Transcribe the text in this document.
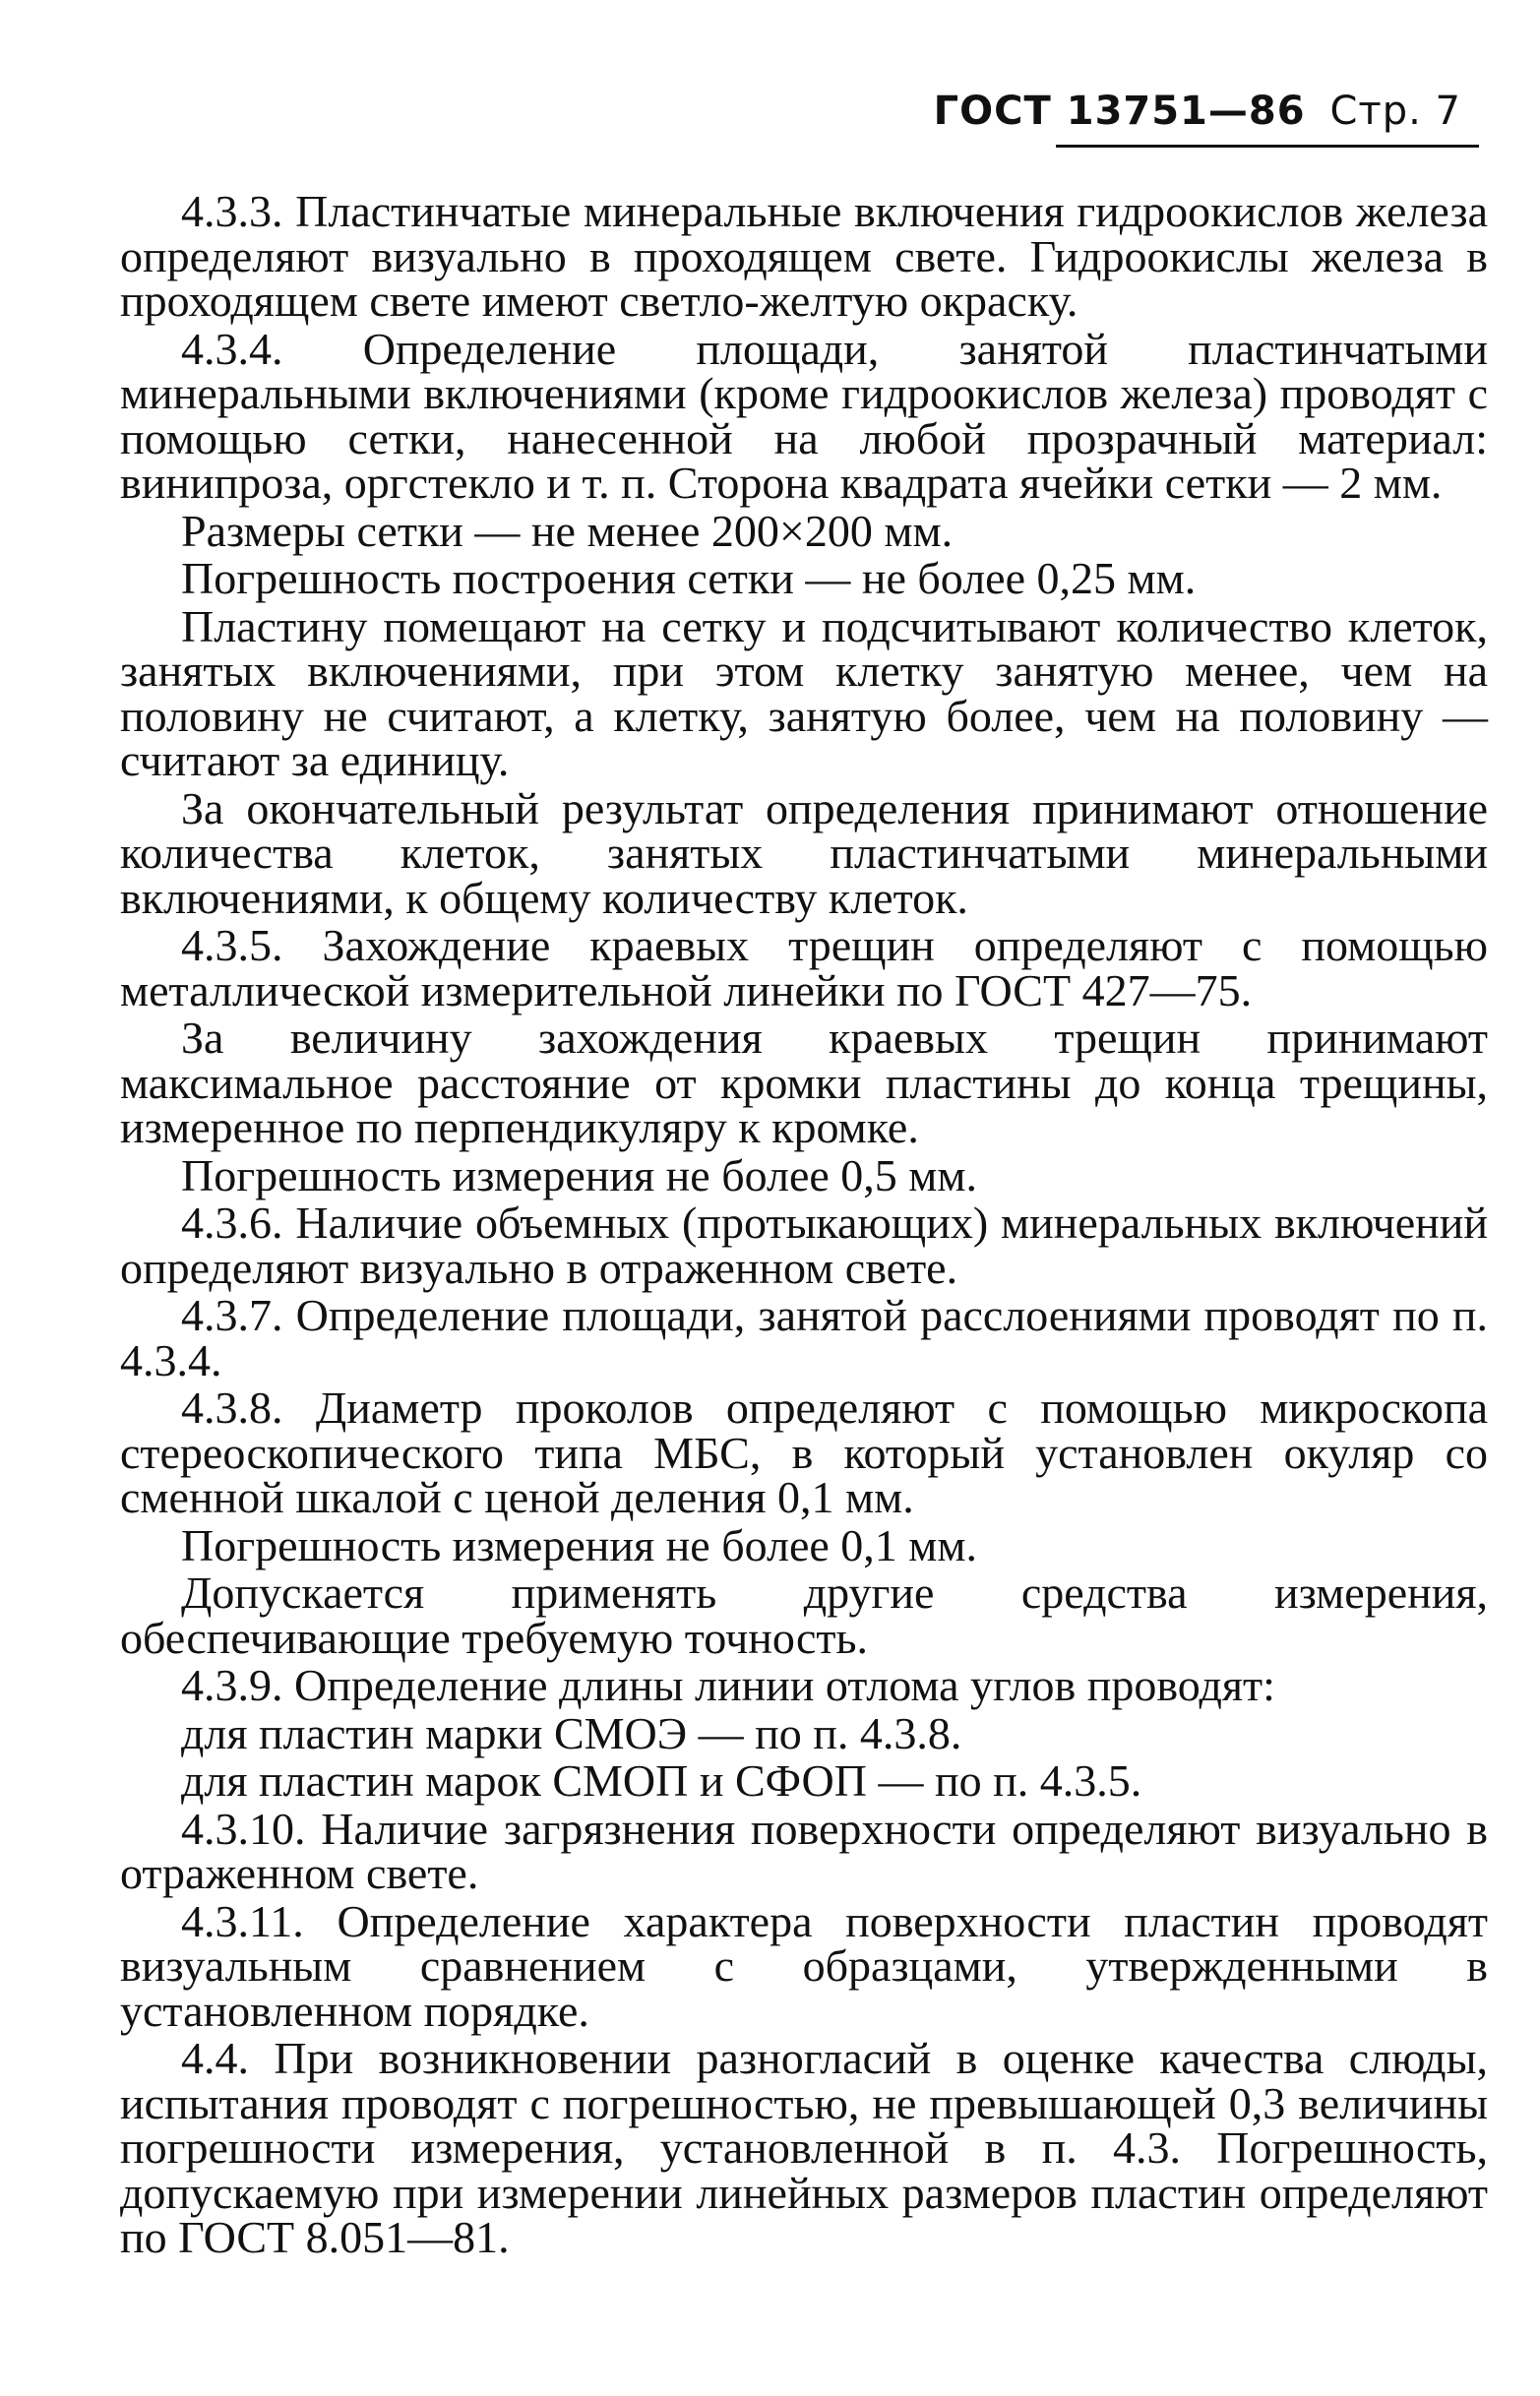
ГОСТ 13751—86 Стр. 7

4.3.3. Пластинчатые минеральные включения гидроокислов железа определяют визуально в проходящем свете. Гидроокислы железа в проходящем свете имеют светло-желтую окраску.

4.3.4. Определение площади, занятой пластинчатыми минеральными включениями (кроме гидроокислов железа) проводят с помощью сетки, нанесенной на любой прозрачный материал: винипроза, оргстекло и т. п. Сторона квадрата ячейки сетки — 2 мм.

Размеры сетки — не менее 200×200 мм.

Погрешность построения сетки — не более 0,25 мм.

Пластину помещают на сетку и подсчитывают количество клеток, занятых включениями, при этом клетку занятую менее, чем на половину не считают, а клетку, занятую более, чем на половину — считают за единицу.

За окончательный результат определения принимают отношение количества клеток, занятых пластинчатыми минеральными включениями, к общему количеству клеток.

4.3.5. Захождение краевых трещин определяют с помощью металлической измерительной линейки по ГОСТ 427—75.

За величину захождения краевых трещин принимают максимальное расстояние от кромки пластины до конца трещины, измеренное по перпендикуляру к кромке.

Погрешность измерения не более 0,5 мм.

4.3.6. Наличие объемных (протыкающих) минеральных включений определяют визуально в отраженном свете.

4.3.7. Определение площади, занятой расслоениями проводят по п. 4.3.4.

4.3.8. Диаметр проколов определяют с помощью микроскопа стереоскопического типа МБС, в который установлен окуляр со сменной шкалой с ценой деления 0,1 мм.

Погрешность измерения не более 0,1 мм.

Допускается применять другие средства измерения, обеспечивающие требуемую точность.

4.3.9. Определение длины линии отлома углов проводят:

для пластин марки СМОЭ — по п. 4.3.8.

для пластин марок СМОП и СФОП — по п. 4.3.5.

4.3.10. Наличие загрязнения поверхности определяют визуально в отраженном свете.

4.3.11. Определение характера поверхности пластин проводят визуальным сравнением с образцами, утвержденными в установленном порядке.

4.4. При возникновении разногласий в оценке качества слюды, испытания проводят с погрешностью, не превышающей 0,3 величины погрешности измерения, установленной в п. 4.3. Погрешность, допускаемую при измерении линейных размеров пластин определяют по ГОСТ 8.051—81.
